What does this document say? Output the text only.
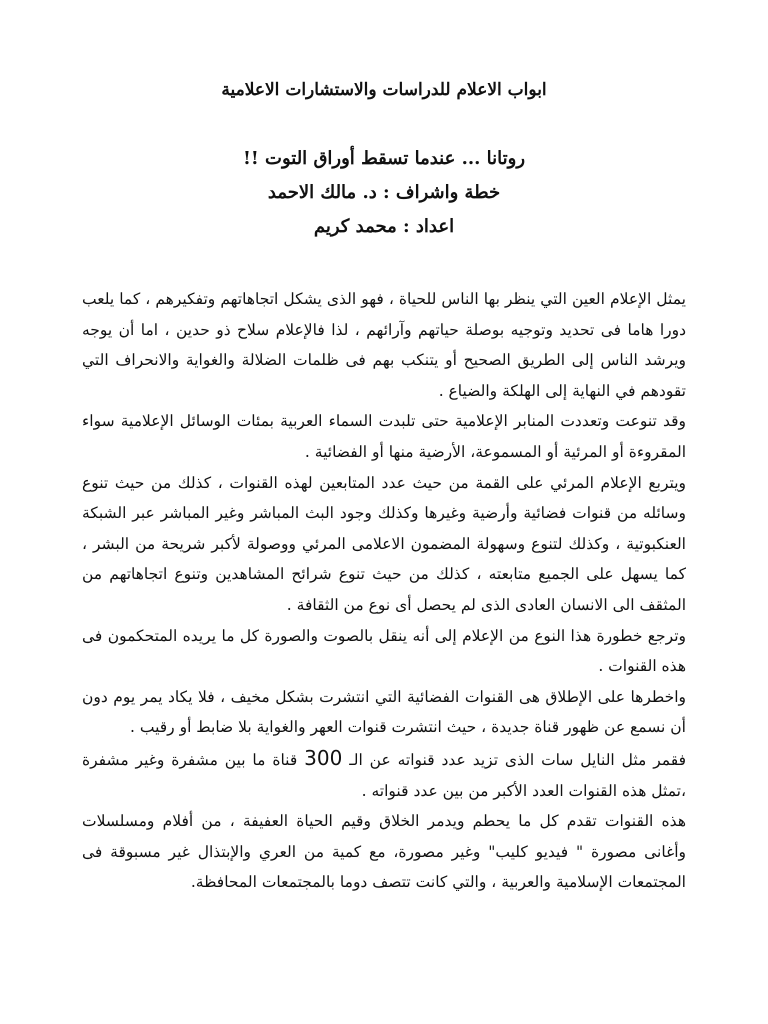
ابواب الاعلام للدراسات والاستشارات الاعلامية

روتانا ... عندما تسقط أوراق التوت !!

خطة واشراف : د. مالك الاحمد

اعداد : محمد كريم

يمثل الإعلام العين التي ينظر بها الناس للحياة ، فهو الذى يشكل اتجاهاتهم وتفكيرهم ، كما يلعب دورا هاما فى تحديد وتوجيه بوصلة حياتهم وآرائهم ، لذا فالإعلام سلاح ذو حدين ، اما أن يوجه ويرشد الناس إلى الطريق الصحيح أو يتنكب بهم فى ظلمات الضلالة والغواية والانحراف التي تقودهم في النهاية إلى الهلكة والضياع .

وقد تنوعت وتعددت المنابر الإعلامية حتى تلبدت السماء العربية بمئات الوسائل الإعلامية سواء المقروءة أو المرئية أو المسموعة، الأرضية منها أو الفضائية .

ويتربع الإعلام المرئي على القمة من حيث عدد المتابعين لهذه القنوات ، كذلك من حيث تنوع وسائله من قنوات فضائية وأرضية وغيرها وكذلك وجود البث المباشر وغير المباشر عبر الشبكة العنكبوتية ، وكذلك لتنوع وسهولة المضمون الاعلامى المرئي ووصولة لأكبر شريحة من البشر ، كما يسهل على الجميع متابعته ، كذلك من حيث تنوع شرائح المشاهدين وتنوع اتجاهاتهم من المثقف الى الانسان العادى الذى لم يحصل أى نوع من الثقافة .

وترجع خطورة هذا النوع من الإعلام إلى أنه ينقل بالصوت والصورة كل ما يريده المتحكمون فى هذه القنوات .

واخطرها على الإطلاق هى القنوات الفضائية التي انتشرت بشكل مخيف ، فلا يكاد يمر يوم دون أن نسمع عن ظهور قناة جديدة ، حيث انتشرت قنوات العهر والغواية بلا ضابط أو رقيب .

فقمر مثل النايل سات الذى تزيد عدد قنواته عن الـ 300 قناة ما بين مشفرة وغير مشفرة ،تمثل هذه القنوات العدد الأكبر من بين عدد قنواته .

هذه القنوات تقدم كل ما يحطم ويدمر الخلاق وقيم الحياة العفيفة ، من أفلام ومسلسلات وأغانى مصورة " فيديو كليب" وغير مصورة، مع كمية من العري والإبتذال غير مسبوقة فى المجتمعات الإسلامية والعربية ، والتي كانت تتصف دوما بالمجتمعات المحافظة.
